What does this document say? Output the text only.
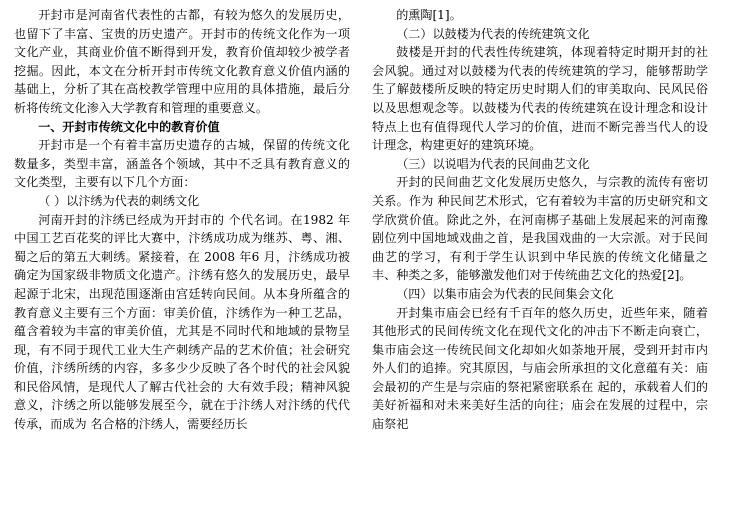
开封市是河南省代表性的古都，有较为悠久的发展历史，也留下了丰富、宝贵的历史遗产。开封市的传统文化作为一项文化产业，其商业价值不断得到开发，教育价值却较少被学者挖掘。因此，本文在分析开封市传统文化教育意义价值内涵的基础上，分析了其在高校教学管理中应用的具体措施，最后分析将传统文化渗入大学教育和管理的重要意义。

一、开封市传统文化中的教育价值

开封市是一个有着丰富历史遗存的古城，保留的传统文化数量多，类型丰富，涵盖各个领域，其中不乏具有教育意义的文化类型，主要有以下几个方面：

（ ）以汴绣为代表的刺绣文化

河南开封的汴绣已经成为开封市的 个代名词。在1982 年中国工艺百花奖的评比大赛中，汴绣成功成为继苏、粤、湘、蜀之后的第五大刺绣。紧接着，在 2008 年6 月，汴绣成功被确定为国家级非物质文化遗产。汴绣有悠久的发展历史，最早起源于北宋，出现范围逐渐由宫廷转向民间。从本身所蕴含的教育意义主要有三个方面：审美价值，汴绣作为一种工艺品，蕴含着较为丰富的审美价值，尤其是不同时代和地域的景物呈现，有不同于现代工业大生产刺绣产品的艺术价值；社会研究价值，汴绣所绣的内容，多多少少反映了各个时代的社会风貌和民俗风情，是现代人了解古代社会的 大有效手段；精神风貌意义，汴绣之所以能够发展至今，就在于汴绣人对汴绣的代代传承，而成为 名合格的汴绣人，需要经历长

的熏陶[1]。

（二）以鼓楼为代表的传统建筑文化

鼓楼是开封的代表性传统建筑，体现着特定时期开封的社会风貌。通过对以鼓楼为代表的传统建筑的学习，能够帮助学生了解鼓楼所反映的特定历史时期人们的审美取向、民风民俗以及思想观念等。以鼓楼为代表的传统建筑在设计理念和设计特点上也有值得现代人学习的价值，进而不断完善当代人的设计理念，构建更好的建筑环境。

（三）以说唱为代表的民间曲艺文化

开封的民间曲艺文化发展历史悠久，与宗教的流传有密切关系。作为 种民间艺术形式，它有着较为丰富的历史研究和文学欣赏价值。除此之外，在河南梆子基础上发展起来的河南豫剧位列中国地域戏曲之首，是我国戏曲的一大宗派。对于民间曲艺的学习，有利于学生认识到中华民族的传统文化储量之丰、种类之多，能够激发他们对于传统曲艺文化的热爱[2]。

（四）以集市庙会为代表的民间集会文化

开封集市庙会已经有千百年的悠久历史，近些年来，随着其他形式的民间传统文化在现代文化的冲击下不断走向衰亡，集市庙会这一传统民间文化却如火如荼地开展，受到开封市内外人们的追捧。究其原因，与庙会所承担的文化意蕴有关：庙会最初的产生是与宗庙的祭祀紧密联系在 起的，承载着人们的美好祈福和对未来美好生活的向往；庙会在发展的过程中，宗庙祭祀
